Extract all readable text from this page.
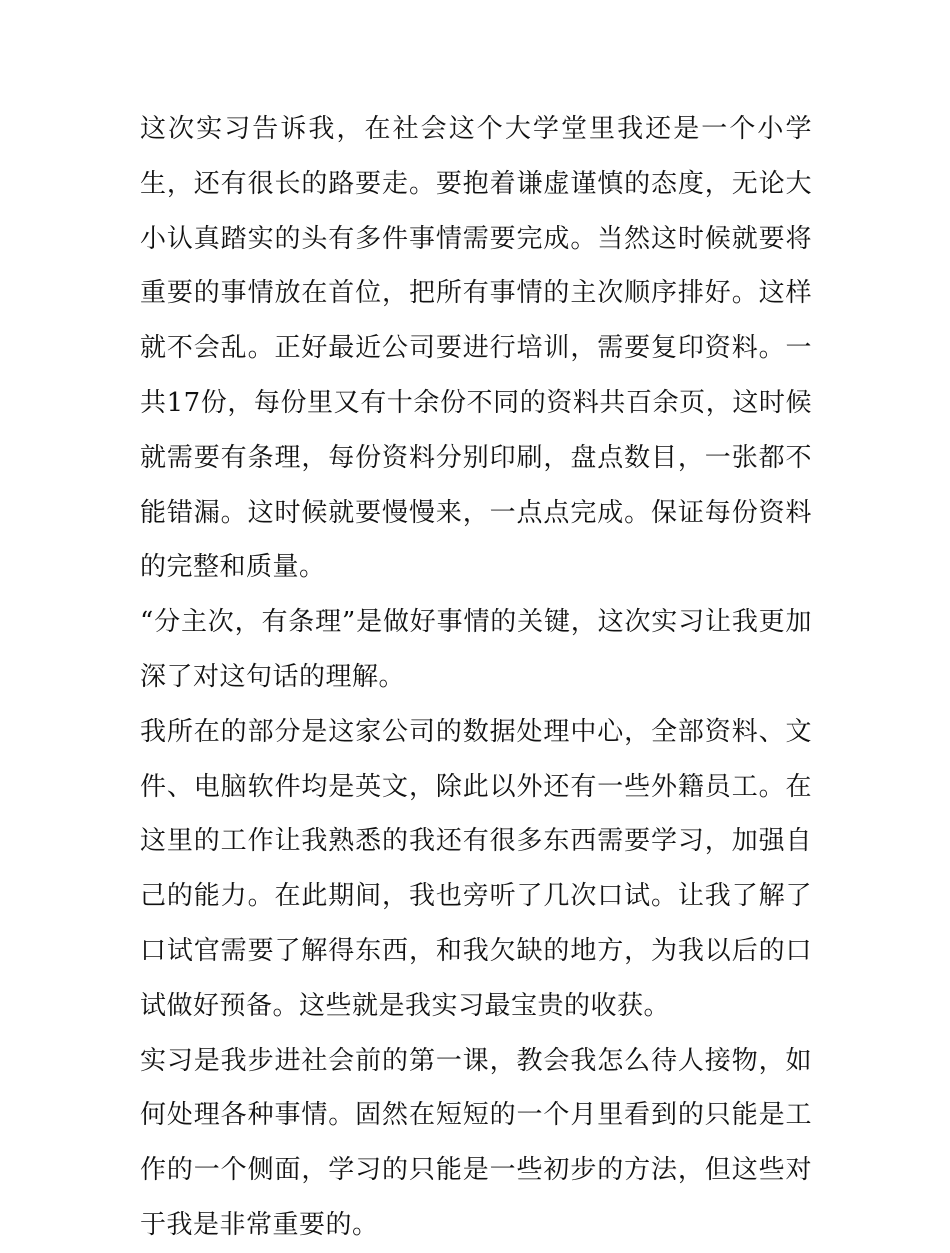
这次实习告诉我，在社会这个大学堂里我还是一个小学生，还有很长的路要走。要抱着谦虚谨慎的态度，无论大小认真踏实的头有多件事情需要完成。当然这时候就要将重要的事情放在首位，把所有事情的主次顺序排好。这样就不会乱。正好最近公司要进行培训，需要复印资料。一共17份，每份里又有十余份不同的资料共百余页，这时候就需要有条理，每份资料分别印刷，盘点数目，一张都不能错漏。这时候就要慢慢来，一点点完成。保证每份资料的完整和质量。

“分主次，有条理”是做好事情的关键，这次实习让我更加深了对这句话的理解。

我所在的部分是这家公司的数据处理中心，全部资料、文件、电脑软件均是英文，除此以外还有一些外籍员工。在这里的工作让我熟悉的我还有很多东西需要学习，加强自己的能力。在此期间，我也旁听了几次口试。让我了解了口试官需要了解得东西，和我欠缺的地方，为我以后的口试做好预备。这些就是我实习最宝贵的收获。

实习是我步进社会前的第一课，教会我怎么待人接物，如何处理各种事情。固然在短短的一个月里看到的只能是工作的一个侧面，学习的只能是一些初步的方法，但这些对于我是非常重要的。
